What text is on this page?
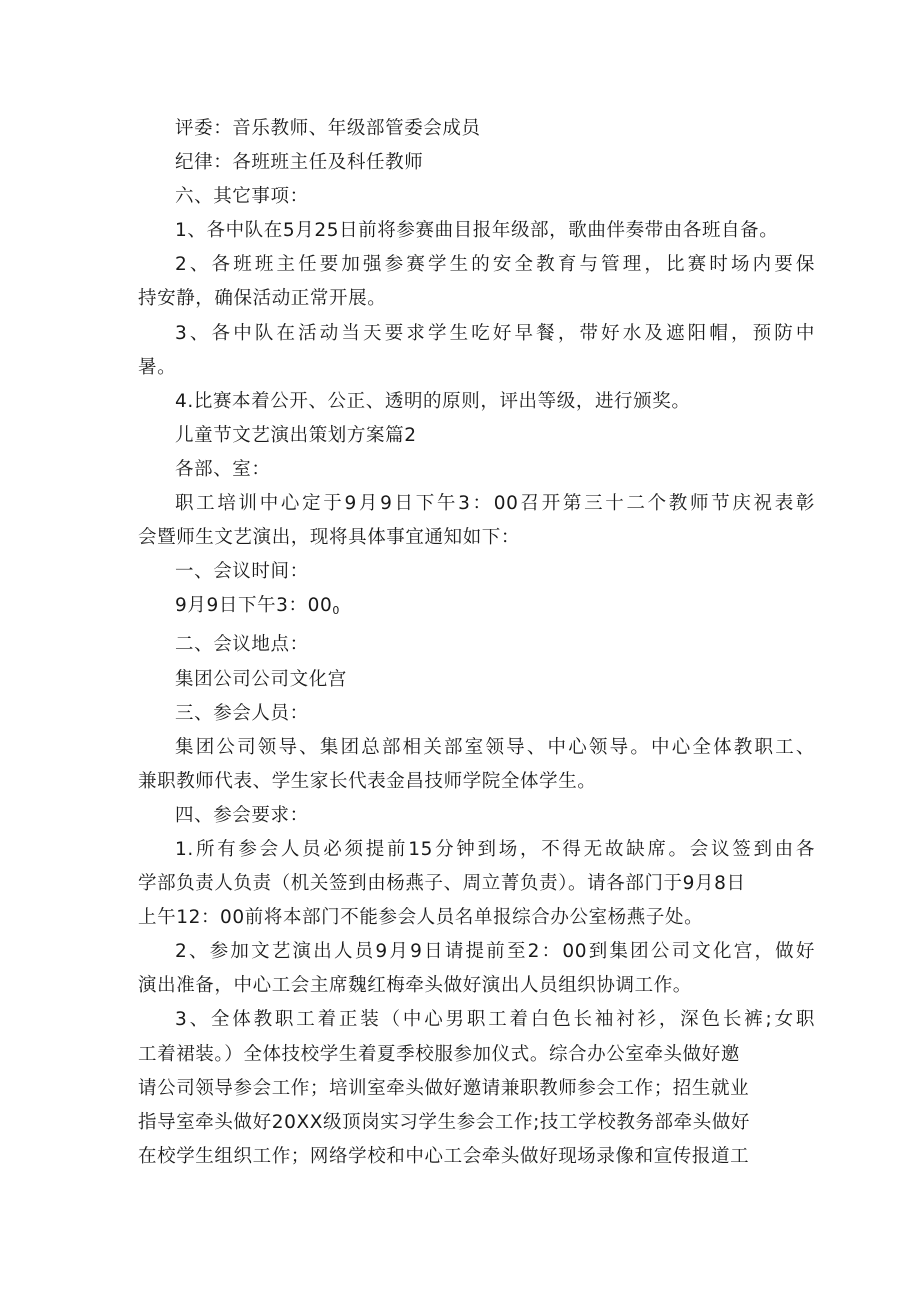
评委：音乐教师、年级部管委会成员
纪律：各班班主任及科任教师
六、其它事项：
1、各中队在5月25日前将参赛曲目报年级部，歌曲伴奏带由各班自备。
2、各班班主任要加强参赛学生的安全教育与管理，比赛时场内要保
持安静，确保活动正常开展。
3、各中队在活动当天要求学生吃好早餐，带好水及遮阳帽，预防中
暑。
4.比赛本着公开、公正、透明的原则，评出等级，进行颁奖。
儿童节文艺演出策划方案篇2
各部、室：
职工培训中心定于9月9日下午3：00召开第三十二个教师节庆祝表彰
会暨师生文艺演出，现将具体事宜通知如下：
一、会议时间：
9月9日下午3：$00_0$
二、会议地点：
集团公司公司文化宫
三、参会人员：
集团公司领导、集团总部相关部室领导、中心领导。中心全体教职工、
兼职教师代表、学生家长代表金昌技师学院全体学生。
四、参会要求：
1.所有参会人员必须提前15分钟到场，不得无故缺席。会议签到由各
学部负责人负责（机关签到由杨燕子、周立菁负责）。请各部门于9月8日
上午12：00前将本部门不能参会人员名单报综合办公室杨燕子处。
2、参加文艺演出人员9月9日请提前至2：00到集团公司文化宫，做好
演出准备，中心工会主席魏红梅牵头做好演出人员组织协调工作。
3、全体教职工着正装（中心男职工着白色长袖衬衫，深色长裤;女职
工着裙装。）全体技校学生着夏季校服参加仪式。综合办公室牵头做好邀
请公司领导参会工作；培训室牵头做好邀请兼职教师参会工作；招生就业
指导室牵头做好20XX级顶岗实习学生参会工作;技工学校教务部牵头做好
在校学生组织工作；网络学校和中心工会牵头做好现场录像和宣传报道工
